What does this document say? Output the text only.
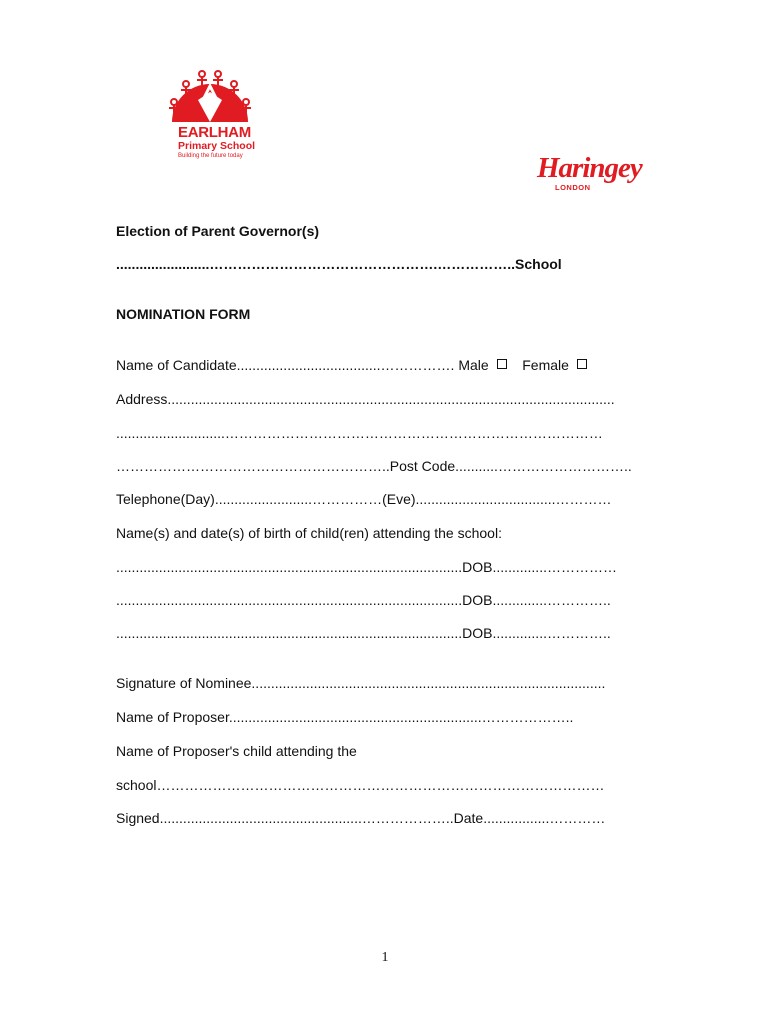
EARLHAM
Primary School
Building the future today	Haringey
LONDON
Election of Parent Governor(s)
........................………………………………………….……………..School
NOMINATION FORM
Name of Candidate.....................................……………. Male Female
Address...................................................................................................................
............................………………………………………………………………………
…………………………………………………..Post Code...........………………………..
Telephone(Day).........................……………(Eve)....................................…………
Name(s) and date(s) of birth of child(ren) attending the school:
.........................................................................................DOB..............……………
.........................................................................................DOB..............…………..
.........................................................................................DOB..............…………..
Signature of Nominee...........................................................................................
Name of Proposer.................................................................………………..
Name of Proposer's child attending the
school……………………………………………………………………………………
Signed....................................................………………..Date.................…………
1
